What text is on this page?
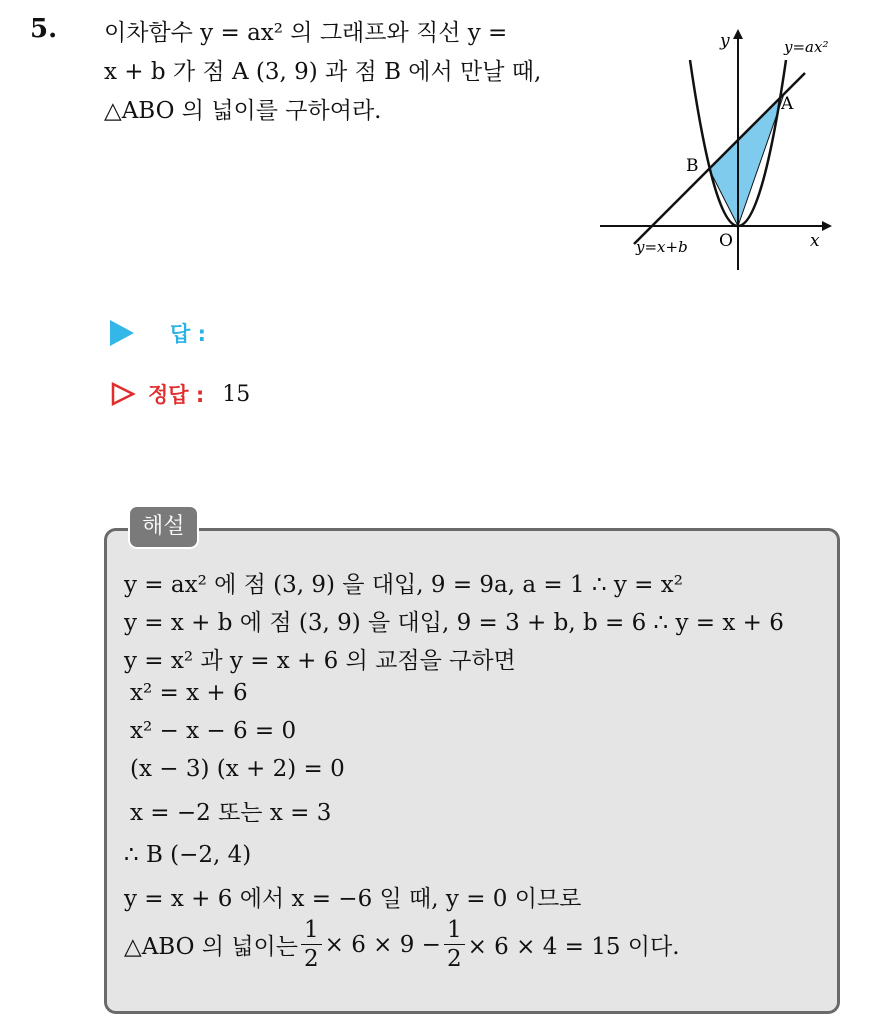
5. 이차함수 y = ax² 의 그래프와 직선 y =
x + b 가 점 A (3, 9) 과 점 B 에서 만날 때,
△ABO 의 넓이를 구하여라.
y
x
y=ax²
y=x+b
A
B
O
답 :
정답 : 15
해설
y = ax² 에 점 (3, 9) 을 대입, 9 = 9a, a = 1 ∴ y = x²
y = x + b 에 점 (3, 9) 을 대입, 9 = 3 + b, b = 6 ∴ y = x + 6
y = x² 과 y = x + 6 의 교점을 구하면
x² = x + 6
x² − x − 6 = 0
(x − 3) (x + 2) = 0
x = −2 또는 x = 3
∴ B (−2, 4)
y = x + 6 에서 x = −6 일 때, y = 0 이므로
△ABO 의 넓이는 $\frac{1}{2} \times 6 \times 9 - \frac{1}{2} \times 6 \times 4 = 15$ 이다.
